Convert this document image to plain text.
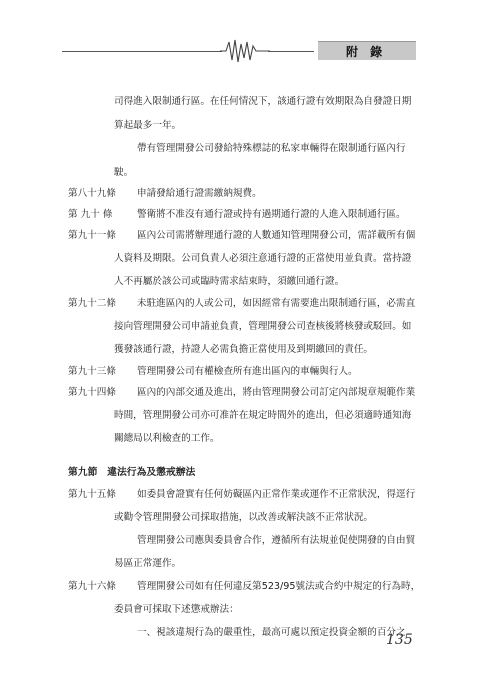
附 錄
司得進入限制通行區。在任何情況下，該通行證有效期限為自發證日期
算起最多一年。
帶有管理開發公司發給特殊標誌的私家車輛得在限制通行區內行
駛。
第八十九條 申請發給通行證需繳納規費。
第 九十 條	警衛將不准沒有通行證或持有過期通行證的人進入限制通行區。
第九十一條 區內公司需將辦理通行證的人數通知管理開發公司，需詳載所有個
人資料及期限。公司負責人必須注意通行證的正當使用並負責。當持證
人不再屬於該公司或臨時需求結束時，須繳回通行證。
第九十二條 未駐進區內的人或公司，如因經常有需要進出限制通行區，必需直
接向管理開發公司申請並負責，管理開發公司查核後將核發或駁回。如
獲發該通行證，持證人必需負擔正當使用及到期繳回的責任。
第九十三條 管理開發公司有權檢查所有進出區內的車輛與行人。
第九十四條 區內的內部交通及進出，將由管理開發公司訂定內部規章規範作業
時間，管理開發公司亦可准許在規定時間外的進出，但必須適時通知海
關總局以利檢查的工作。
第九節　違法行為及懲戒辦法
第九十五條 如委員會證實有任何妨礙區內正常作業或運作不正常狀況，得逕行
或勸令管理開發公司採取措施，以改善或解決該不正常狀況。
管理開發公司應與委員會合作，遵循所有法規並促使開發的自由貿
易區正常運作。
第九十六條 管理開發公司如有任何違反第523/95號法或合約中規定的行為時，
委員會可採取下述懲戒辦法：
一、視該違規行為的嚴重性，最高可處以預定投資金額的百分之
135
